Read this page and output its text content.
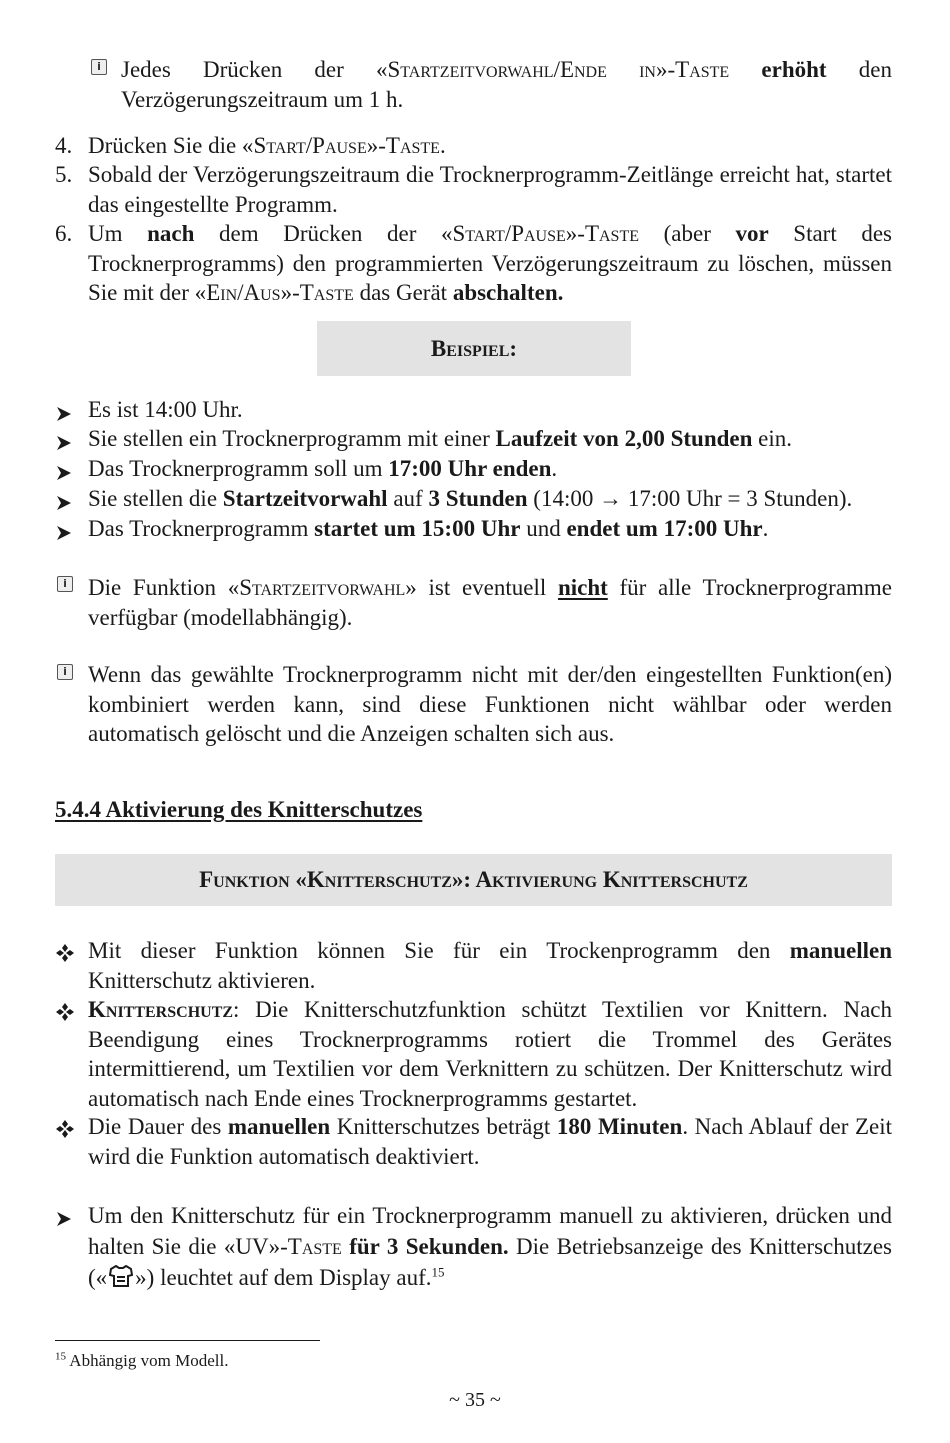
i Jedes Drücken der «Startzeitvorwahl/Ende in»-Taste erhöht den Verzögerungszeitraum um 1 h.
4. Drücken Sie die «Start/Pause»-Taste.
5. Sobald der Verzögerungszeitraum die Trocknerprogramm-Zeitlänge erreicht hat, startet das eingestellte Programm.
6. Um nach dem Drücken der «Start/Pause»-Taste (aber vor Start des Trocknerprogramms) den programmierten Verzögerungszeitraum zu löschen, müssen Sie mit der «Ein/Aus»-Taste das Gerät abschalten.
Beispiel:
Es ist 14:00 Uhr.
Sie stellen ein Trocknerprogramm mit einer Laufzeit von 2,00 Stunden ein.
Das Trocknerprogramm soll um 17:00 Uhr enden.
Sie stellen die Startzeitvorwahl auf 3 Stunden (14:00 → 17:00 Uhr = 3 Stunden).
Das Trocknerprogramm startet um 15:00 Uhr und endet um 17:00 Uhr.
i Die Funktion «Startzeitvorwahl» ist eventuell nicht für alle Trocknerprogramme verfügbar (modellabhängig).
i Wenn das gewählte Trocknerprogramm nicht mit der/den eingestellten Funktion(en) kombiniert werden kann, sind diese Funktionen nicht wählbar oder werden automatisch gelöscht und die Anzeigen schalten sich aus.
5.4.4 Aktivierung des Knitterschutzes
Funktion «Knitterschutz»: Aktivierung Knitterschutz
Mit dieser Funktion können Sie für ein Trockenprogramm den manuellen Knitterschutz aktivieren.
Knitterschutz: Die Knitterschutzfunktion schützt Textilien vor Knittern. Nach Beendigung eines Trocknerprogramms rotiert die Trommel des Gerätes intermittierend, um Textilien vor dem Verknittern zu schützen. Der Knitterschutz wird automatisch nach Ende eines Trocknerprogramms gestartet.
Die Dauer des manuellen Knitterschutzes beträgt 180 Minuten. Nach Ablauf der Zeit wird die Funktion automatisch deaktiviert.
Um den Knitterschutz für ein Trocknerprogramm manuell zu aktivieren, drücken und halten Sie die «UV»-Taste für 3 Sekunden. Die Betriebsanzeige des Knitterschutzes (« ») leuchtet auf dem Display auf.$^{15}$
$^{15}$ Abhängig vom Modell.
~ 35 ~
